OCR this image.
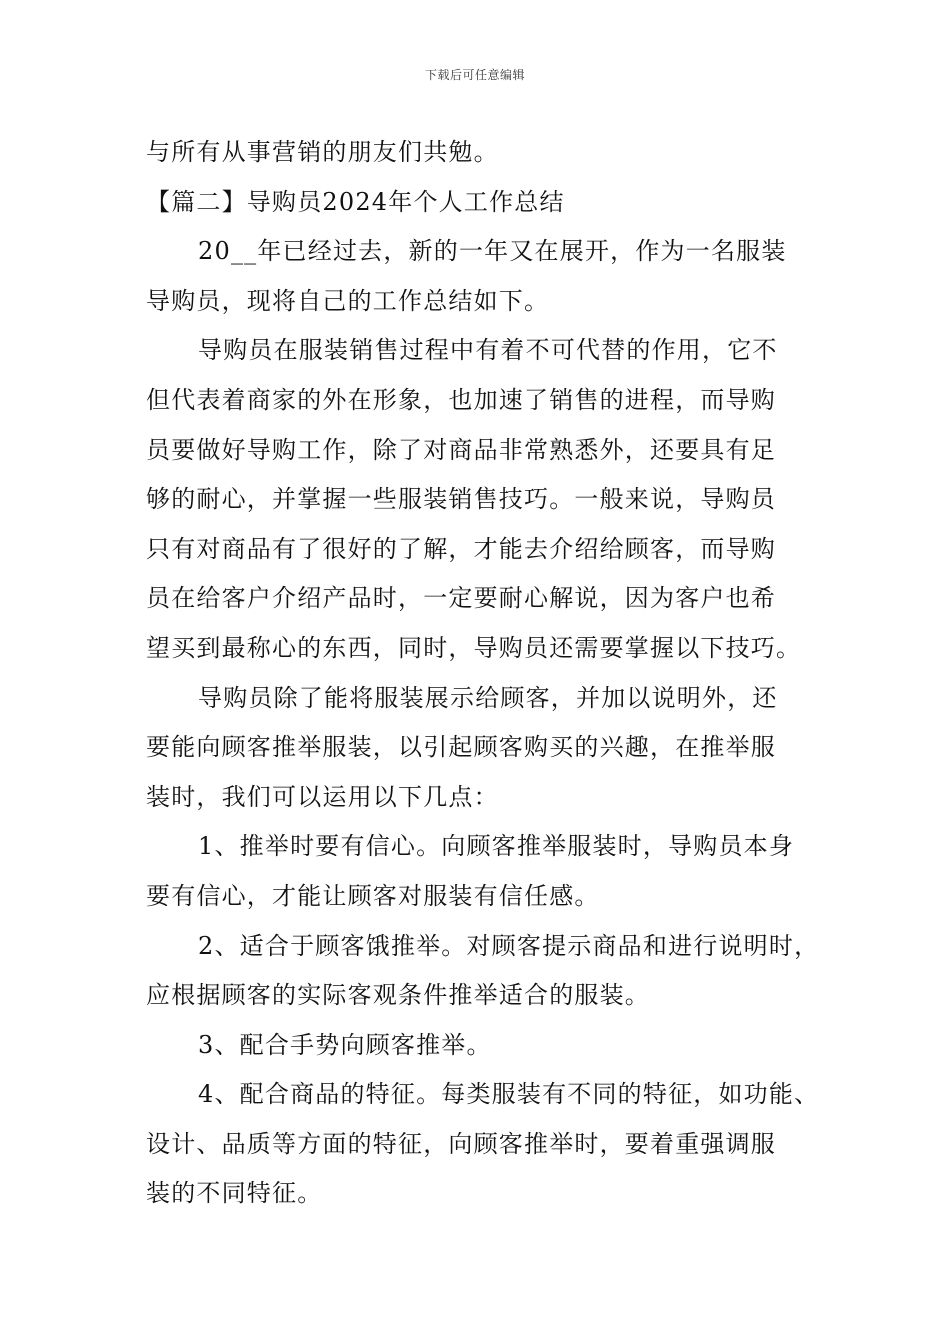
下载后可任意编辑
与所有从事营销的朋友们共勉。
【篇二】导购员2024年个人工作总结
20__年已经过去，新的一年又在展开，作为一名服装
导购员，现将自己的工作总结如下。
导购员在服装销售过程中有着不可代替的作用，它不
但代表着商家的外在形象，也加速了销售的进程，而导购
员要做好导购工作，除了对商品非常熟悉外，还要具有足
够的耐心，并掌握一些服装销售技巧。一般来说，导购员
只有对商品有了很好的了解，才能去介绍给顾客，而导购
员在给客户介绍产品时，一定要耐心解说，因为客户也希
望买到最称心的东西，同时，导购员还需要掌握以下技巧。
导购员除了能将服装展示给顾客，并加以说明外，还
要能向顾客推举服装，以引起顾客购买的兴趣，在推举服
装时，我们可以运用以下几点：
1、推举时要有信心。向顾客推举服装时，导购员本身
要有信心，才能让顾客对服装有信任感。
2、适合于顾客饿推举。对顾客提示商品和进行说明时，
应根据顾客的实际客观条件推举适合的服装。
3、配合手势向顾客推举。
4、配合商品的特征。每类服装有不同的特征，如功能、
设计、品质等方面的特征，向顾客推举时，要着重强调服
装的不同特征。
